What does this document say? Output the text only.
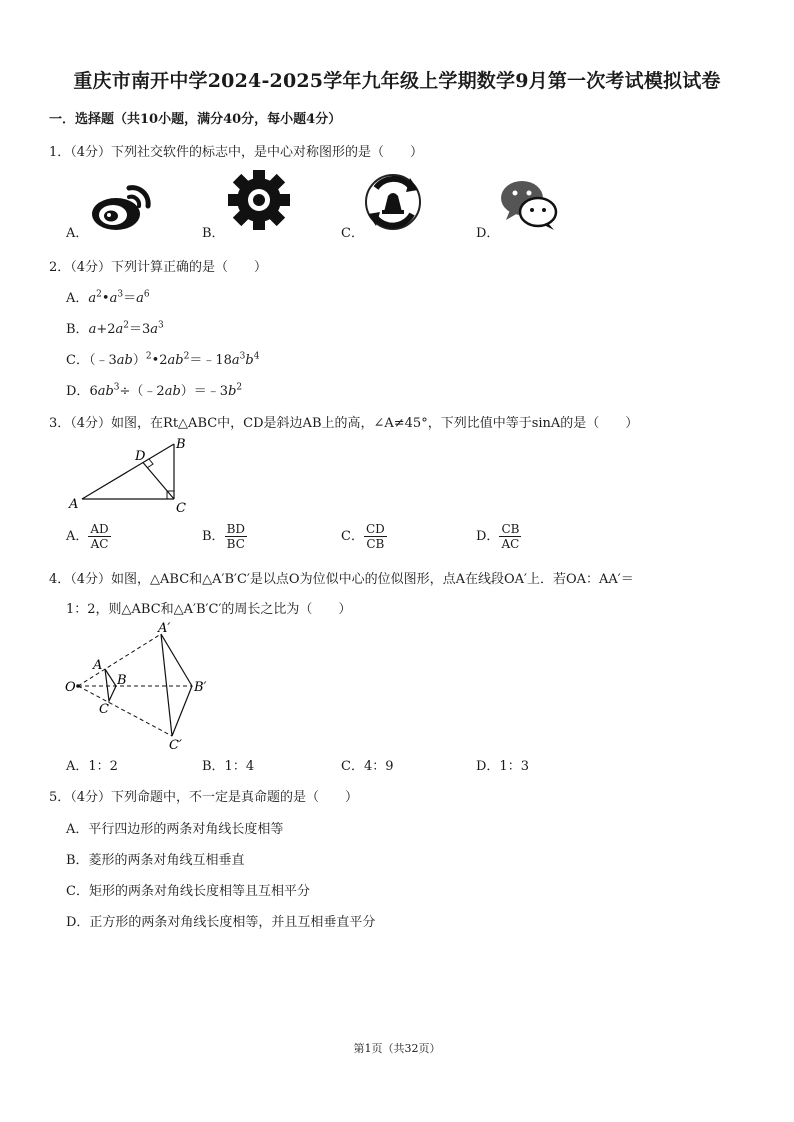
重庆市南开中学2024-2025学年九年级上学期数学9月第一次考试模拟试卷
一．选择题（共10小题，满分40分，每小题4分）
1．（4分）下列社交软件的标志中，是中心对称图形的是（　　）
A．	B．	C．	D．
2．（4分）下列计算正确的是（　　）
A．$a^2•a^3=a^6$
B．$a+2a^2=3a^3$
C．$(﹣3ab)^2•2ab^2=﹣18a^3b^4$
D．$6ab^3\div(﹣2ab)=﹣3b^2$
3．（4分）如图，在Rt△ABC中，CD是斜边AB上的高，∠A≠45°，下列比值中等于sinA的是（　　）
A
B
C
D
A． $\frac{AD}{AC}$	B． $\frac{BD}{BC}$	C． $\frac{CD}{CB}$	D． $\frac{CB}{AC}$
4．（4分）如图，△ABC和△A′B′C′是以点O为位似中心的位似图形，点A在线段OA′上．若OA：AA′＝
1：2，则△ABC和△A′B′C′的周长之比为（　　）
O
A
B
C
A′
B′
C′
A．1：2	B．1：4	C．4：9	D．1：3
5．（4分）下列命题中，不一定是真命题的是（　　）
A．平行四边形的两条对角线长度相等
B．菱形的两条对角线互相垂直
C．矩形的两条对角线长度相等且互相平分
D．正方形的两条对角线长度相等，并且互相垂直平分
第1页（共32页）
